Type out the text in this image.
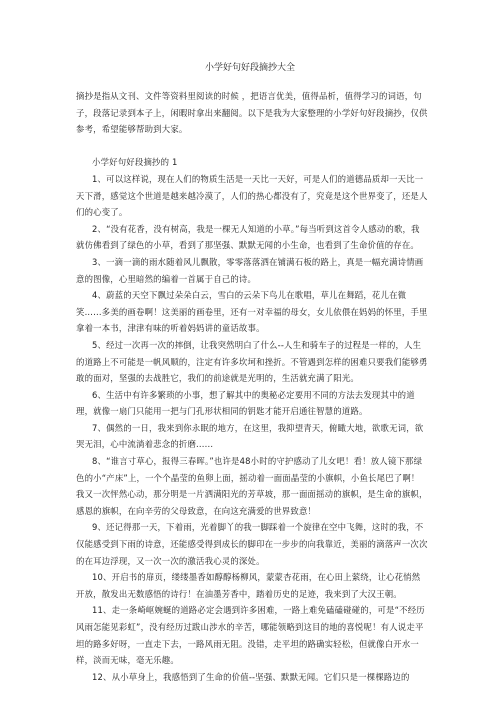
小学好句好段摘抄大全

摘抄是指从文刊、文件等资料里阅读的时候 ，把语言优美，值得品析，值得学习的词语，句子，段落记录到本子上，闲暇时拿出来翻阅。以下是我为大家整理的小学好句好段摘抄，仅供参考，希望能够帮助到大家。

小学好句好段摘抄的 1

1、可以这样说，现在人们的物质生活是一天比一天好，可是人们的道德品质却一天比一天下滑，感觉这个世道是越来越冷漠了，人们的热心都没有了，究竟是这个世界变了，还是人们的心变了。

2、“没有花香，没有树高，我是一棵无人知道的小草。”每当听到这首令人感动的歌，我就仿佛看到了绿色的小草，看到了那坚强、默默无闻的小生命，也看到了生命价值的存在。

3、一滴一滴的雨水随着风儿飘散，零零落落洒在铺满石板的路上，真是一幅充满诗情画意的图像，心里暗然的编着一首属于自己的诗。

4、蔚蓝的天空下飘过朵朵白云，雪白的云朵下鸟儿在歌唱，草儿在舞蹈，花儿在微笑......多美的画卷啊！这美丽的画卷里，还有一对幸福的母女，女儿依偎在妈妈的怀里，手里拿着一本书，津津有味的听着妈妈讲的童话故事。

5、经过一次再一次的摔倒，让我突然明白了什么--人生和骑车子的过程是一样的，人生的道路上不可能是一帆风顺的，注定有许多坎坷和挫折。不管遇到怎样的困难只要我们能够勇敢的面对，坚强的去战胜它，我们的前途就是光明的，生活就充满了阳光。

6、生活中有许多繁琐的小事，想了解其中的奥秘必定要用不同的方法去发现其中的道理，就像一扇门只能用一把与门孔形状相同的钥匙才能开启通往智慧的道路。

7、偶然的一日，我来到你永眠的地方，在这里，我抑望青天，俯瞰大地，欲歌无词，欲哭无泪，心中流淌着悲念的折磨......

8、“谁言寸草心，报得三春晖。”也许是48小时的守护感动了儿女吧！看！放人镜下那绿色的小“产床”上，一个个晶莹的鱼卵上面，摇动着一面面晶莹的小旗帜，小鱼长尾巴了啊！我又一次怦然心动，那分明是一片洒满阳光的芳草坡，那一面面摇动的旗帜，是生命的旗帜，感恩的旗帜，在向辛劳的父母致意，在向这充满爱的世界致意！

9、还记得那一天，下着雨，光着脚丫的我一脚踩着一个旋律在空中飞舞，这时的我，不仅能感受到下雨的诗意，还能感受得到成长的脚印在一步步的向我靠近，美丽的滴落声一次次的在耳边浮现，又一次一次的激活我心灵的深处。

10、开启书的扉页，缕缕墨香如醇醇杨柳风，蒙蒙杏花雨，在心田上萦绕，让心花悄然开放，散发出无数感悟的诗行！在油墨芳香中，踏着历史的足迹，我来到了大汉王朝。

11、走一条崎岖婉蜒的道路必定会遇到许多困难，一路上难免磕磕碰碰的，可是“不经历风雨怎能见彩虹”，没有经历过跋山涉水的辛苦，哪能领略到这目的地的喜悦呢！有人说走平坦的路多好呀，一直走下去，一路风雨无阻。没错，走平坦的路确实轻松，但就像白开水一样，淡而无味，毫无乐趣。

12、从小草身上，我感悟到了生命的价值--坚强、默默无闻。它们只是一棵棵路边的
